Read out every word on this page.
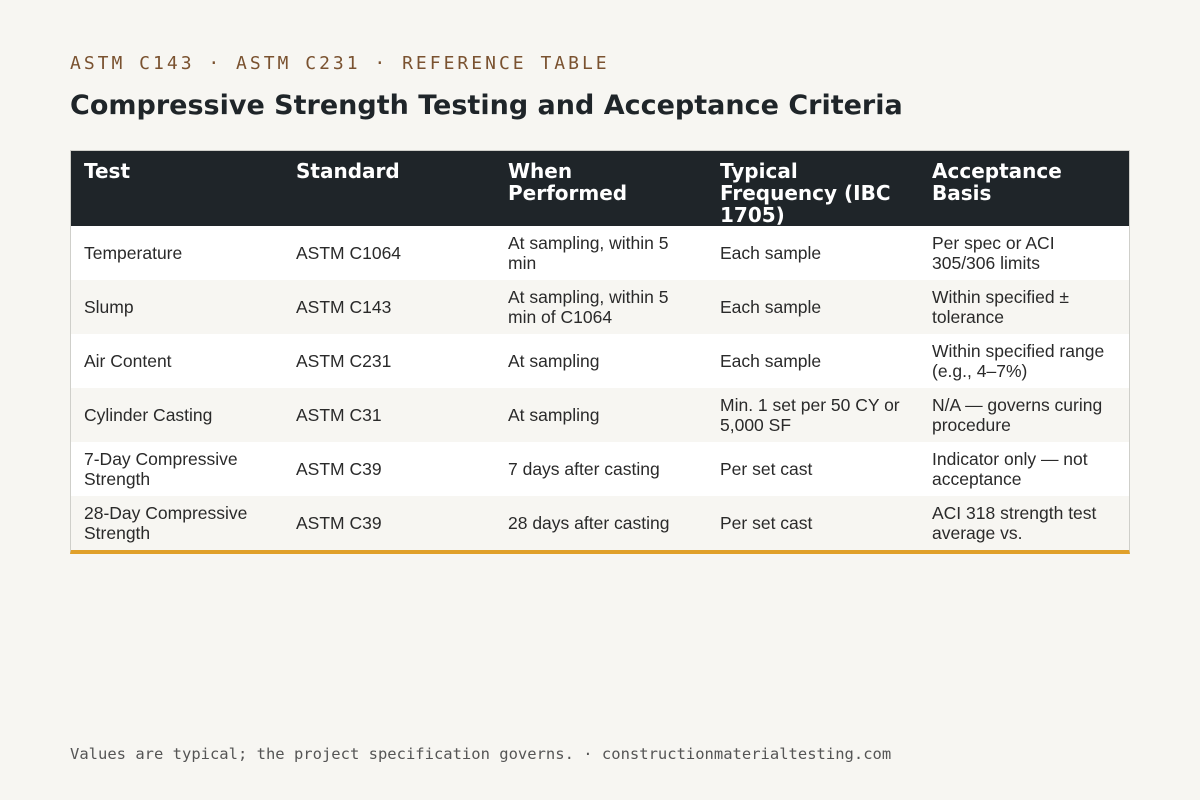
ASTM C143 · ASTM C231 · REFERENCE TABLE
Compressive Strength Testing and Acceptance Criteria
Test	Standard	When Performed	Typical Frequency (IBC 1705)	Acceptance Basis
Temperature	ASTM C1064	At sampling, within 5 min	Each sample	Per spec or ACI 305/306 limits
Slump	ASTM C143	At sampling, within 5 min of C1064	Each sample	Within specified ± tolerance
Air Content	ASTM C231	At sampling	Each sample	Within specified range (e.g., 4–7%)
Cylinder Casting	ASTM C31	At sampling	Min. 1 set per 50 CY or 5,000 SF	N/A — governs curing procedure
7-Day Compressive Strength	ASTM C39	7 days after casting	Per set cast	Indicator only — not acceptance
28-Day Compressive Strength	ASTM C39	28 days after casting	Per set cast	ACI 318 strength test average vs.
Values are typical; the project specification governs. · constructionmaterialtesting.com
